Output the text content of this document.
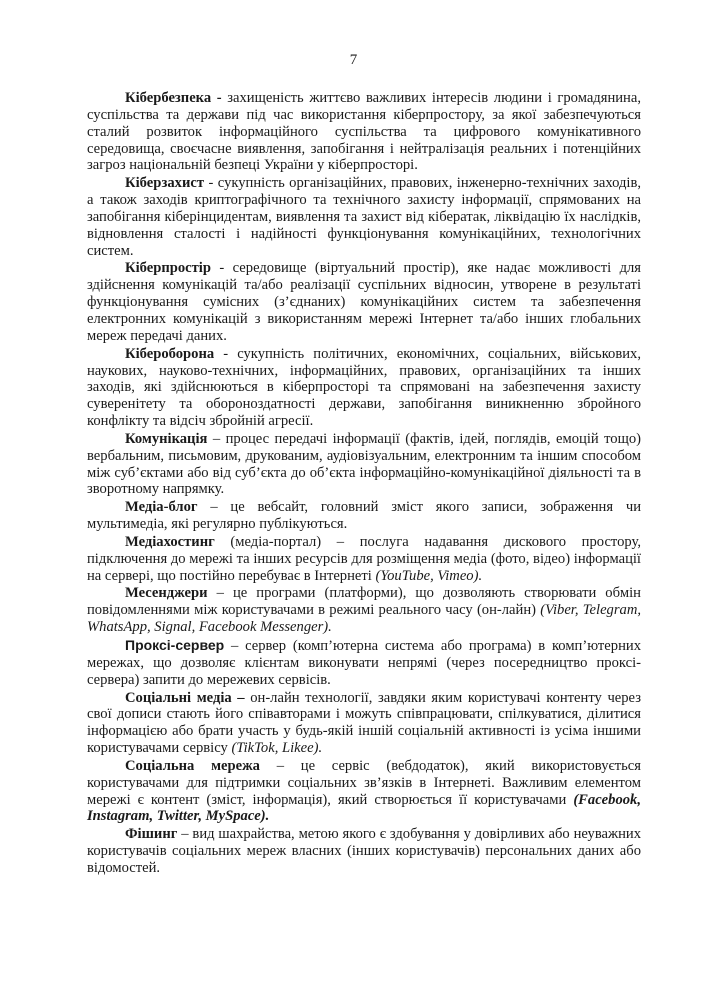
7

Кібербезпека - захищеність життєво важливих інтересів людини і громадянина, суспільства та держави під час використання кіберпростору, за якої забезпечуються сталий розвиток інформаційного суспільства та цифрового комунікативного середовища, своєчасне виявлення, запобігання і нейтралізація реальних і потенційних загроз національній безпеці України у кіберпросторі.

Кіберзахист - сукупність організаційних, правових, інженерно-технічних заходів, а також заходів криптографічного та технічного захисту інформації, спрямованих на запобігання кіберінцидентам, виявлення та захист від кібератак, ліквідацію їх наслідків, відновлення сталості і надійності функціонування комунікаційних, технологічних систем.

Кіберпростір - середовище (віртуальний простір), яке надає можливості для здійснення комунікацій та/або реалізації суспільних відносин, утворене в результаті функціонування сумісних (з’єднаних) комунікаційних систем та забезпечення електронних комунікацій з використанням мережі Інтернет та/або інших глобальних мереж передачі даних.

Кібероборона - сукупність політичних, економічних, соціальних, військових, наукових, науково-технічних, інформаційних, правових, організаційних та інших заходів, які здійснюються в кіберпросторі та спрямовані на забезпечення захисту суверенітету та обороноздатності держави, запобігання виникненню збройного конфлікту та відсіч збройній агресії.

Комунікація – процес передачі інформації (фактів, ідей, поглядів, емоцій тощо) вербальним, письмовим, друкованим, аудіовізуальним, електронним та іншим способом між суб’єктами або від суб’єкта до об’єкта інформаційно-комунікаційної діяльності та в зворотному напрямку.

Медіа-блог – це вебсайт, головний зміст якого записи, зображення чи мультимедіа, які регулярно публікуються.

Медіахостинг (медіа-портал) – послуга надавання дискового простору, підключення до мережі та інших ресурсів для розміщення медіа (фото, відео) інформації на сервері, що постійно перебуває в Інтернеті (YouTube, Vimeo).

Месенджери – це програми (платформи), що дозволяють створювати обмін повідомленнями між користувачами в режимі реального часу (он-лайн) (Viber, Telegram, WhatsApp, Signal, Facebook Messenger).

Проксі-сервер – сервер (комп’ютерна система або програма) в комп’ютерних мережах, що дозволяє клієнтам виконувати непрямі (через посередництво проксі-сервера) запити до мережевих сервісів.

Соціальні медіа – он-лайн технології, завдяки яким користувачі контенту через свої дописи стають його співавторами і можуть співпрацювати, спілкуватися, ділитися інформацією або брати участь у будь-якій іншій соціальній активності із усіма іншими користувачами сервісу (TikTok, Likee).

Соціальна мережа – це сервіс (вебдодаток), який використовується користувачами для підтримки соціальних зв’язків в Інтернеті. Важливим елементом мережі є контент (зміст, інформація), який створюється її користувачами (Facebook, Instagram, Twitter, MySpace).

Фішинг – вид шахрайства, метою якого є здобування у довірливих або неуважних користувачів соціальних мереж власних (інших користувачів) персональних даних або відомостей.
